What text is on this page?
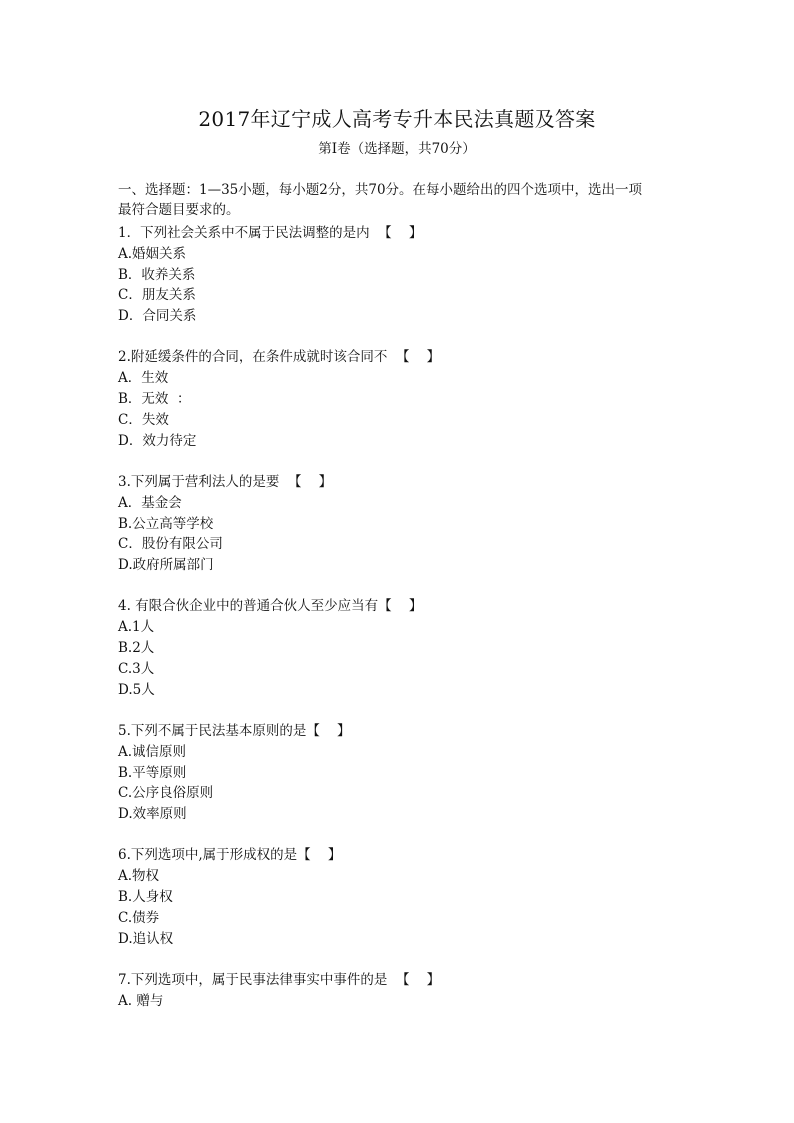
2017年辽宁成人高考专升本民法真题及答案
第Ⅰ卷（选择题，共70分）
一、选择题：1—35小题，每小题2分，共70分。在每小题给出的四个选项中，选出一项
最符合题目要求的。
1．下列社会关系中不属于民法调整的是内  【    】
A.婚姻关系
B．收养关系
C．朋友关系
D．合同关系
2.附延缓条件的合同，在条件成就时该合同不  【    】
A．生效
B．无效  ：
C．失效
D．效力待定
3.下列属于营利法人的是要  【    】
A．基金会
B.公立高等学校
C．股份有限公司
D.政府所属部门
4. 有限合伙企业中的普通合伙人至少应当有【    】
A.1人
B.2人
C.3人
D.5人
5.下列不属于民法基本原则的是【    】
A.诚信原则
B.平等原则
C.公序良俗原则
D.效率原则
6.下列选项中,属于形成权的是【    】
A.物权
B.人身权
C.债券
D.追认权
7.下列选项中，属于民事法律事实中事件的是  【    】
A. 赠与
